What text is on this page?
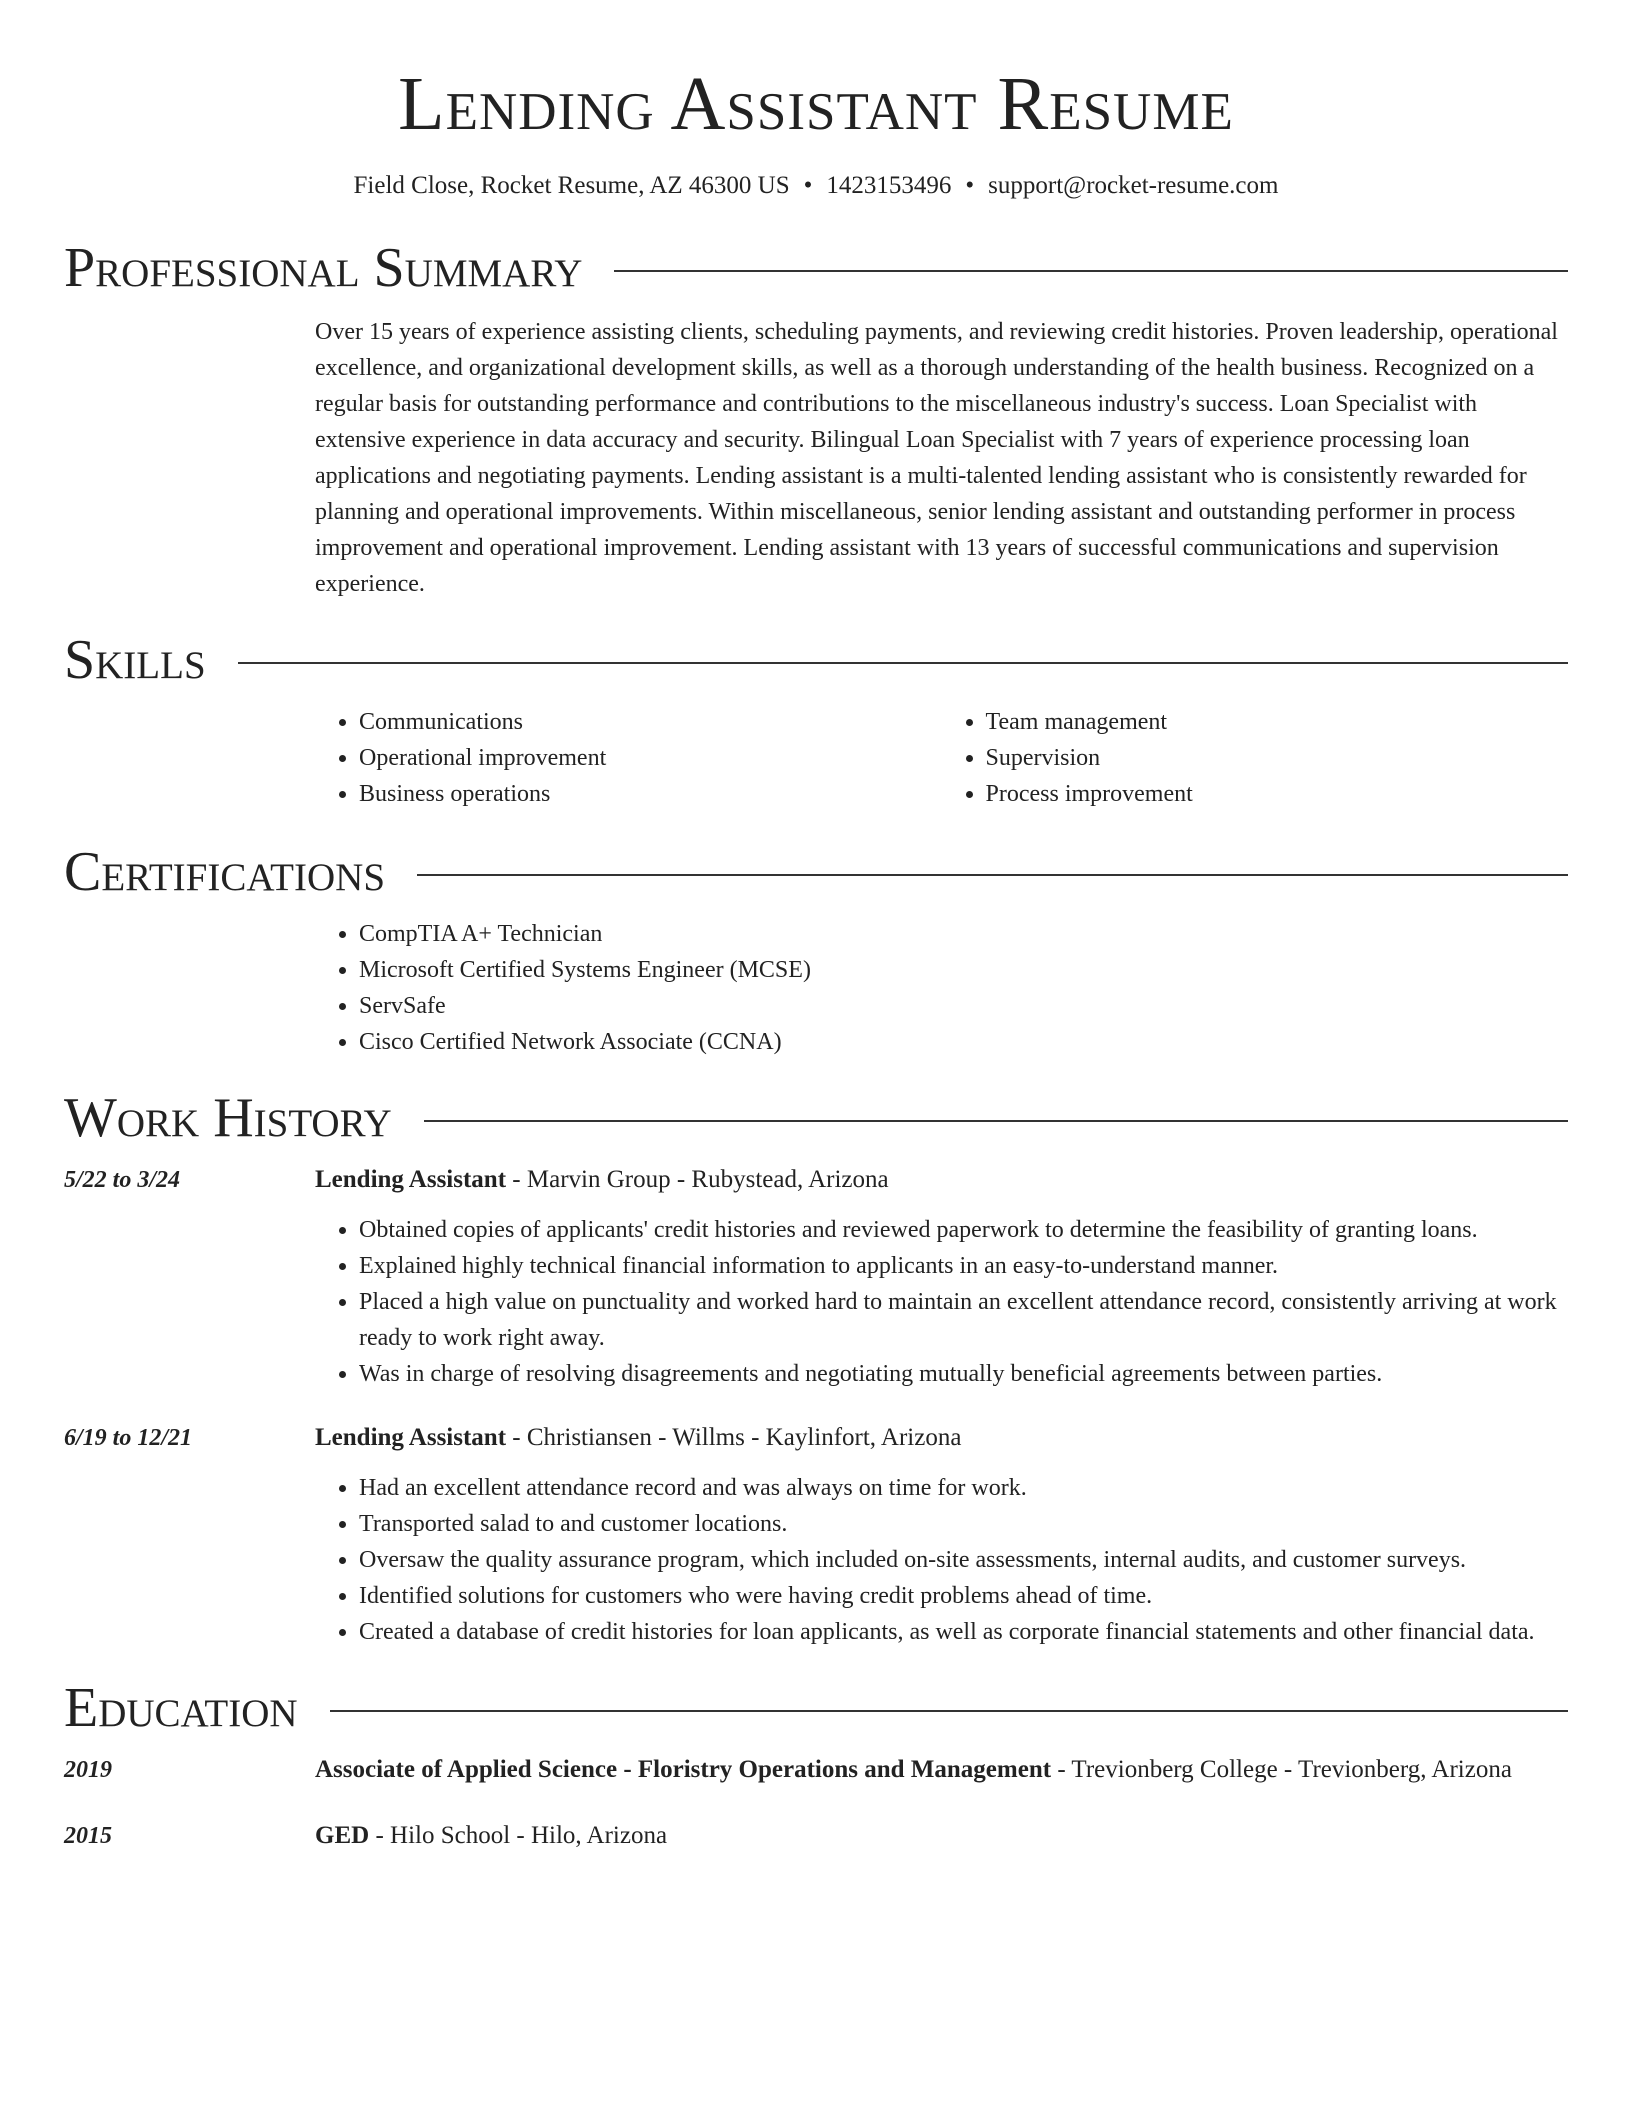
Lending Assistant Resume
Field Close, Rocket Resume, AZ 46300 US • 1423153496 • support@rocket-resume.com
Professional Summary
Over 15 years of experience assisting clients, scheduling payments, and reviewing credit histories. Proven leadership, operational excellence, and organizational development skills, as well as a thorough understanding of the health business. Recognized on a regular basis for outstanding performance and contributions to the miscellaneous industry's success. Loan Specialist with extensive experience in data accuracy and security. Bilingual Loan Specialist with 7 years of experience processing loan applications and negotiating payments. Lending assistant is a multi-talented lending assistant who is consistently rewarded for planning and operational improvements. Within miscellaneous, senior lending assistant and outstanding performer in process improvement and operational improvement. Lending assistant with 13 years of successful communications and supervision experience.
Skills
• Communications
• Operational improvement
• Business operations
• Team management
• Supervision
• Process improvement
Certifications
• CompTIA A+ Technician
• Microsoft Certified Systems Engineer (MCSE)
• ServSafe
• Cisco Certified Network Associate (CCNA)
Work History
5/22 to 3/24	Lending Assistant - Marvin Group - Rubystead, Arizona
• Obtained copies of applicants' credit histories and reviewed paperwork to determine the feasibility of granting loans.
• Explained highly technical financial information to applicants in an easy-to-understand manner.
• Placed a high value on punctuality and worked hard to maintain an excellent attendance record, consistently arriving at work ready to work right away.
• Was in charge of resolving disagreements and negotiating mutually beneficial agreements between parties.
6/19 to 12/21	Lending Assistant - Christiansen - Willms - Kaylinfort, Arizona
• Had an excellent attendance record and was always on time for work.
• Transported salad to and customer locations.
• Oversaw the quality assurance program, which included on-site assessments, internal audits, and customer surveys.
• Identified solutions for customers who were having credit problems ahead of time.
• Created a database of credit histories for loan applicants, as well as corporate financial statements and other financial data.
Education
2019	Associate of Applied Science - Floristry Operations and Management - Trevionberg College - Trevionberg, Arizona
2015	GED - Hilo School - Hilo, Arizona
